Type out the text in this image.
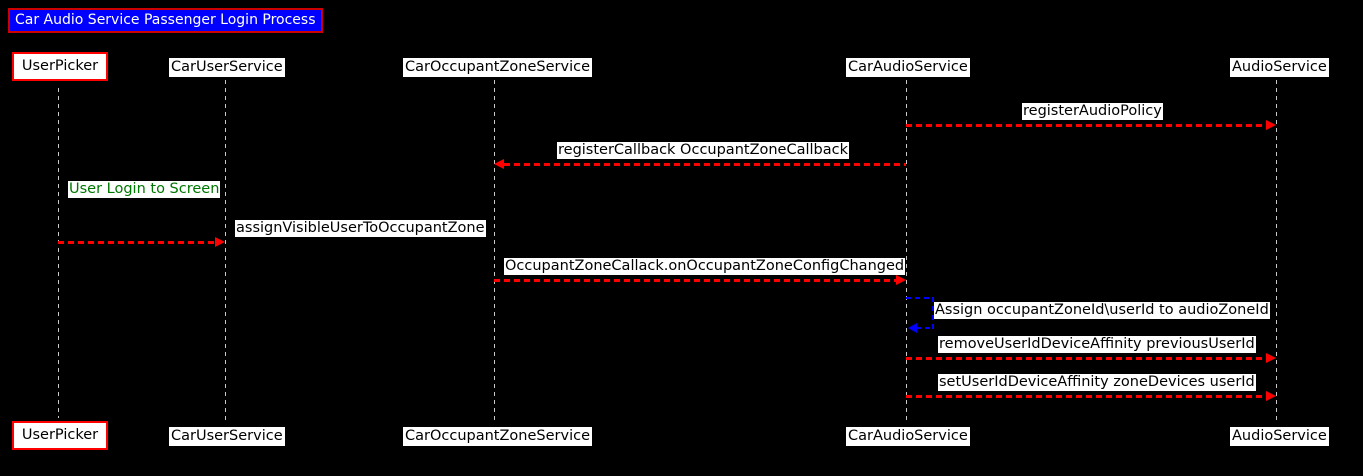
Car Audio Service Passenger Login Process
UserPicker	CarUserService	CarOccupantZoneService	CarAudioService	AudioService
registerAudioPolicy
registerCallback OccupantZoneCallback
User Login to Screen
assignVisibleUserToOccupantZone
OccupantZoneCallack.onOccupantZoneConfigChanged
Assign occupantZoneId\userId to audioZoneId
removeUserIdDeviceAffinity previousUserId
setUserIdDeviceAffinity zoneDevices userId
UserPicker	CarUserService	CarOccupantZoneService	CarAudioService	AudioService
